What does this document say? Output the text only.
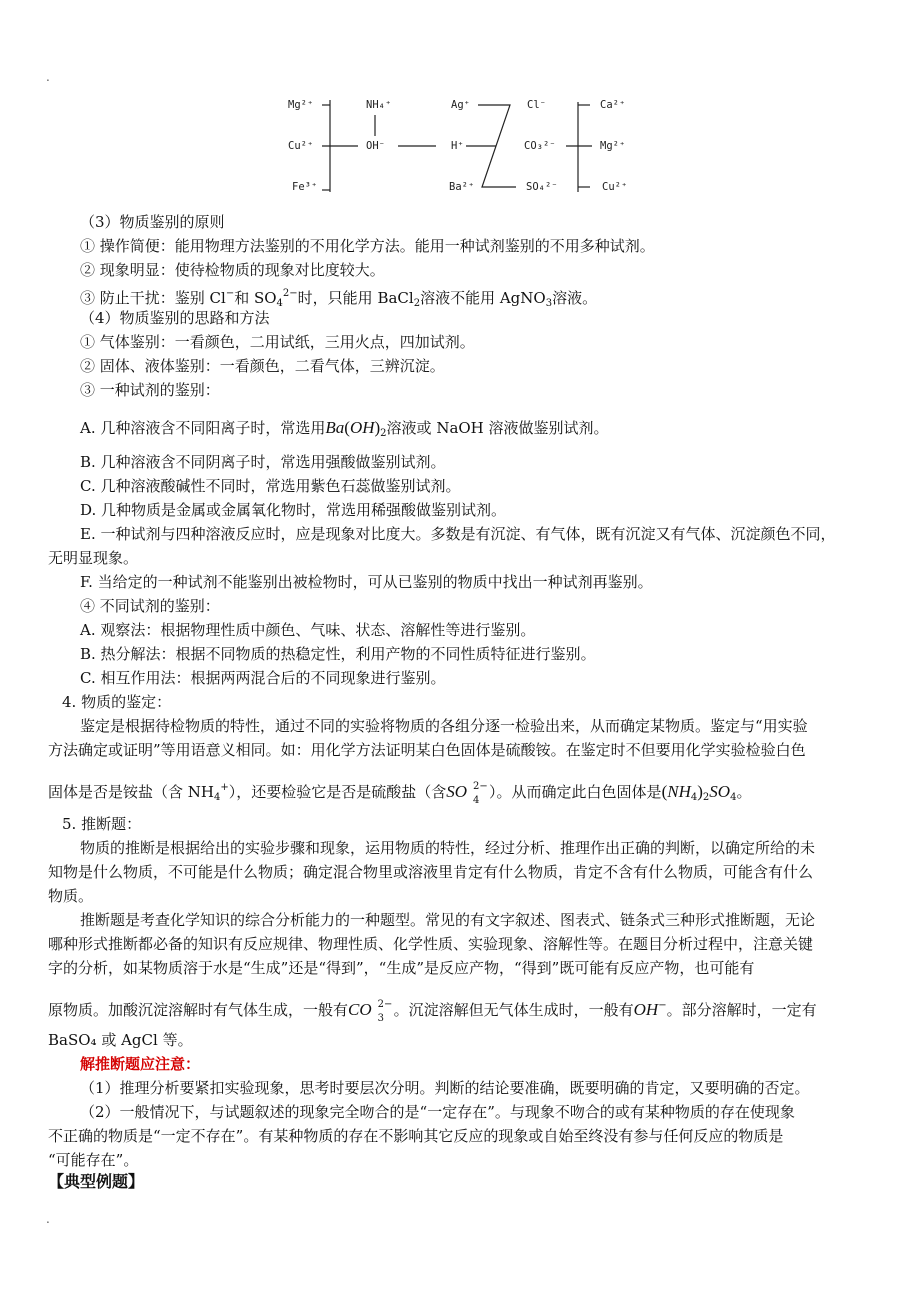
.
Mg²⁺
Cu²⁺
Fe³⁺
NH₄⁺
OH⁻
Ag⁺
H⁺
Ba²⁺
Cl⁻
CO₃²⁻
SO₄²⁻
Ca²⁺
Mg²⁺
Cu²⁺
（3）物质鉴别的原则
① 操作简便：能用物理方法鉴别的不用化学方法。能用一种试剂鉴别的不用多种试剂。
② 现象明显：使待检物质的现象对比度较大。
③ 防止干扰：鉴别 Cl−和 $SO_4^{2-}$时，只能用 BaCl$_2$溶液不能用 AgNO$_3$溶液。
（4）物质鉴别的思路和方法
① 气体鉴别：一看颜色，二用试纸，三用火点，四加试剂。
② 固体、液体鉴别：一看颜色，二看气体，三辨沉淀。
③ 一种试剂的鉴别：
A. 几种溶液含不同阳离子时，常选用$Ba(OH)_2$溶液或 NaOH 溶液做鉴别试剂。
B. 几种溶液含不同阴离子时，常选用强酸做鉴别试剂。
C. 几种溶液酸碱性不同时，常选用紫色石蕊做鉴别试剂。
D. 几种物质是金属或金属氧化物时，常选用稀强酸做鉴别试剂。
E. 一种试剂与四种溶液反应时，应是现象对比度大。多数是有沉淀、有气体，既有沉淀又有气体、沉淀颜色不同，
无明显现象。
F. 当给定的一种试剂不能鉴别出被检物时，可从已鉴别的物质中找出一种试剂再鉴别。
④ 不同试剂的鉴别：
A. 观察法：根据物理性质中颜色、气味、状态、溶解性等进行鉴别。
B. 热分解法：根据不同物质的热稳定性，利用产物的不同性质特征进行鉴别。
C. 相互作用法：根据两两混合后的不同现象进行鉴别。
4. 物质的鉴定：
鉴定是根据待检物质的特性，通过不同的实验将物质的各组分逐一检验出来，从而确定某物质。鉴定与“用实验
方法确定或证明”等用语意义相同。如：用化学方法证明某白色固体是硫酸铵。在鉴定时不但要用化学实验检验白色
固体是否是铵盐（含 $NH_4^+$），还要检验它是否是硫酸盐（含SO 2−
4 ）。从而确定此白色固体是$(NH_4)_2SO_4$。
5. 推断题：
物质的推断是根据给出的实验步骤和现象，运用物质的特性，经过分析、推理作出正确的判断，以确定所给的未
知物是什么物质，不可能是什么物质；确定混合物里或溶液里肯定有什么物质，肯定不含有什么物质，可能含有什么
物质。
推断题是考查化学知识的综合分析能力的一种题型。常见的有文字叙述、图表式、链条式三种形式推断题，无论
哪种形式推断都必备的知识有反应规律、物理性质、化学性质、实验现象、溶解性等。在题目分析过程中，注意关键
字的分析，如某物质溶于水是“生成”还是“得到”，“生成”是反应产物，“得到”既可能有反应产物，也可能有
原物质。加酸沉淀溶解时有气体生成，一般有CO 2−
3 。沉淀溶解但无气体生成时，一般有OH−。部分溶解时，一定有
BaSO₄ 或 AgCl 等。
解推断题应注意：
（1）推理分析要紧扣实验现象，思考时要层次分明。判断的结论要准确，既要明确的肯定，又要明确的否定。
（2）一般情况下，与试题叙述的现象完全吻合的是“一定存在”。与现象不吻合的或有某种物质的存在使现象
不正确的物质是“一定不存在”。有某种物质的存在不影响其它反应的现象或自始至终没有参与任何反应的物质是
“可能存在”。
【典型例题】
.
